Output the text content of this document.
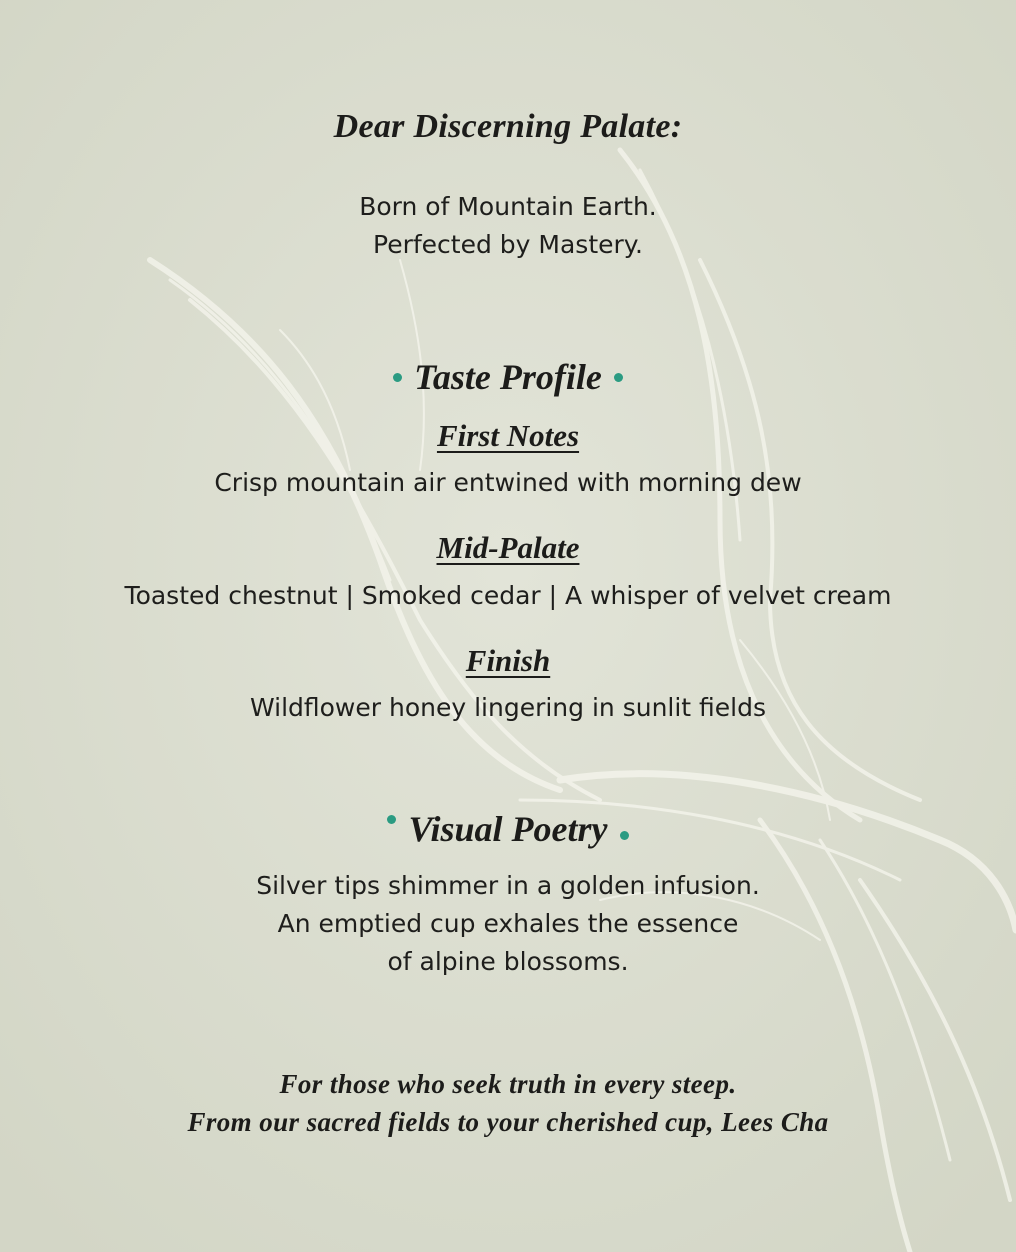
Dear Discerning Palate:
Born of Mountain Earth.
Perfected by Mastery.
Taste Profile
First Notes
Crisp mountain air entwined with morning dew
Mid-Palate
Toasted chestnut | Smoked cedar | A whisper of velvet cream
Finish
Wildflower honey lingering in sunlit fields
Visual Poetry
Silver tips shimmer in a golden infusion.
An emptied cup exhales the essence
of alpine blossoms.
For those who seek truth in every steep.
From our sacred fields to your cherished cup, Lees Cha
